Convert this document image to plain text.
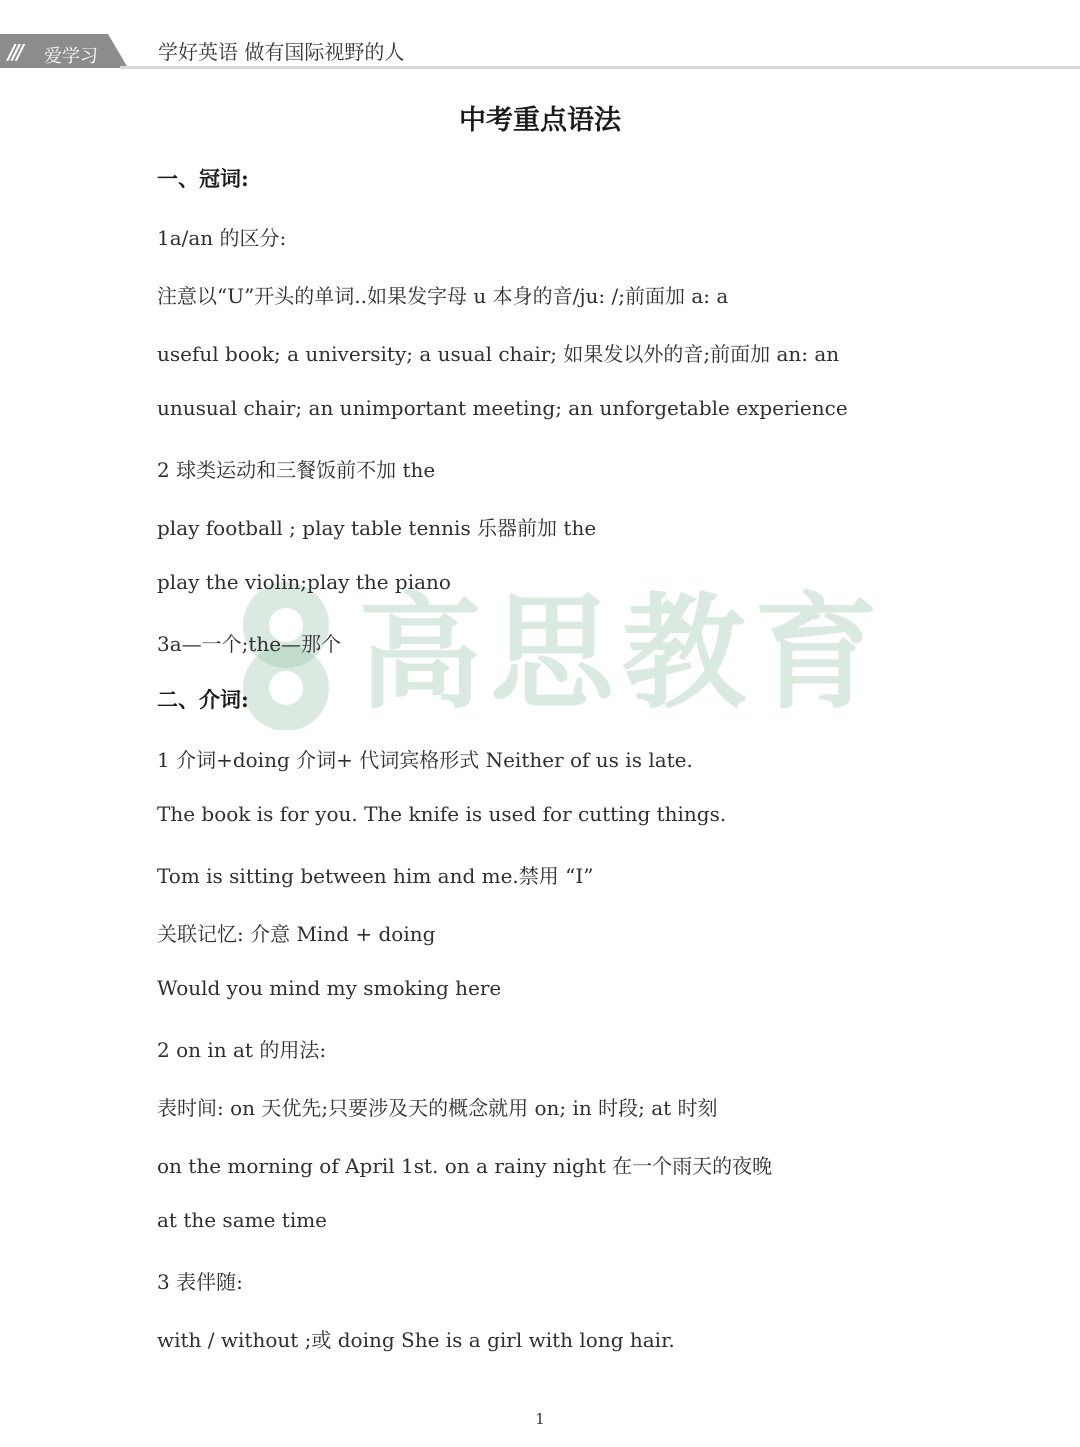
/// 爱学习	学好英语 做有国际视野的人
高思教育
中考重点语法
一、冠词:
1a/an 的区分:
注意以“U”开头的单词..如果发字母 u 本身的音/ju: /;前面加 a: a
useful book; a university; a usual chair; 如果发以外的音;前面加 an: an
unusual chair; an unimportant meeting; an unforgetable experience
2 球类运动和三餐饭前不加 the
play football ; play table tennis 乐器前加 the
play the violin;play the piano
3a—一个;the—那个
二、介词:
1 介词+doing 介词+ 代词宾格形式 Neither of us is late.
The book is for you. The knife is used for cutting things.
Tom is sitting between him and me.禁用 “I”
关联记忆: 介意 Mind + doing
Would you mind my smoking here
2 on in at 的用法:
表时间: on 天优先;只要涉及天的概念就用 on; in 时段; at 时刻
on the morning of April 1st. on a rainy night 在一个雨天的夜晚
at the same time
3 表伴随:
with / without ;或 doing She is a girl with long hair.
1
